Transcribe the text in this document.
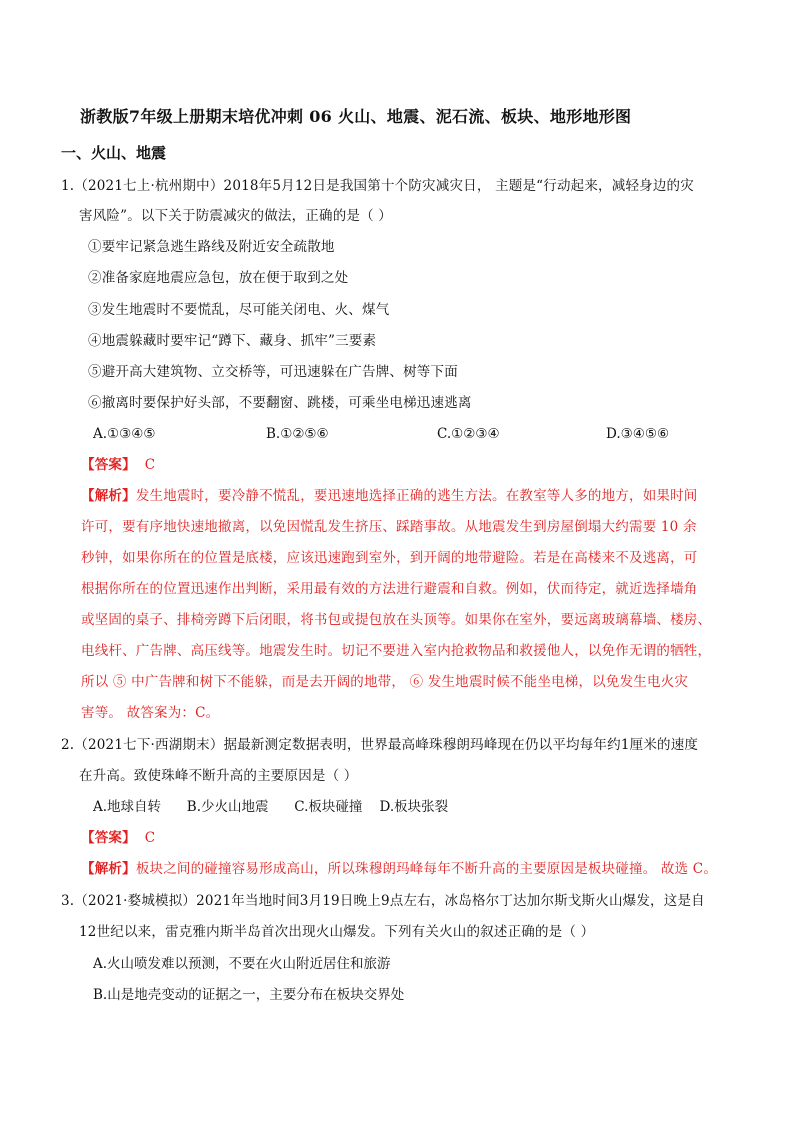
浙教版7年级上册期末培优冲刺 06 火山、地震、泥石流、板块、地形地形图
一、火山、地震
1.（2021七上·杭州期中）2018年5月12日是我国第十个防灾减灾日， 主题是“行动起来，减轻身边的灾
害风险”。以下关于防震减灾的做法，正确的是（ ）
①要牢记紧急逃生路线及附近安全疏散地
②准备家庭地震应急包，放在便于取到之处
③发生地震时不要慌乱，尽可能关闭电、火、煤气
④地震躲藏时要牢记“蹲下、藏身、抓牢”三要素
⑤避开高大建筑物、立交桥等，可迅速躲在广告牌、树等下面
⑥撤离时要保护好头部，不要翻窗、跳楼，可乘坐电梯迅速逃离
A.①③④⑤	B.①②⑤⑥	C.①②③④	D.③④⑤⑥
【答案】 C
【解析】发生地震时，要冷静不慌乱，要迅速地选择正确的逃生方法。在教室等人多的地方，如果时间
许可，要有序地快速地撤离，以免因慌乱发生挤压、踩踏事故。从地震发生到房屋倒塌大约需要 10 余
秒钟，如果你所在的位置是底楼，应该迅速跑到室外，到开阔的地带避险。若是在高楼来不及逃离，可
根据你所在的位置迅速作出判断，采用最有效的方法进行避震和自救。例如，伏而待定，就近选择墙角
或坚固的桌子、排椅旁蹲下后闭眼，将书包或提包放在头顶等。如果你在室外，要远离玻璃幕墙、楼房、
电线杆、广告牌、高压线等。地震发生时。切记不要进入室内抢救物品和救援他人，以免作无谓的牺牲，
所以 ⑤ 中广告牌和树下不能躲，而是去开阔的地带， ⑥ 发生地震时候不能坐电梯，以免发生电火灾
害等。 故答案为：C。
2.（2021七下·西湖期末）据最新测定数据表明，世界最高峰珠穆朗玛峰现在仍以平均每年约1厘米的速度
在升高。致使珠峰不断升高的主要原因是（ ）
A.地球自转      B.少火山地震      C.板块碰撞    D.板块张裂
【答案】 C
【解析】板块之间的碰撞容易形成高山，所以珠穆朗玛峰每年不断升高的主要原因是板块碰撞。 故选 C。
3.（2021·婺城模拟）2021年当地时间3月19日晚上9点左右，冰岛格尔丁达加尔斯戈斯火山爆发，这是自
12世纪以来，雷克雅内斯半岛首次出现火山爆发。下列有关火山的叙述正确的是（ ）
A.火山喷发难以预测，不要在火山附近居住和旅游
B.山是地壳变动的证据之一，主要分布在板块交界处
